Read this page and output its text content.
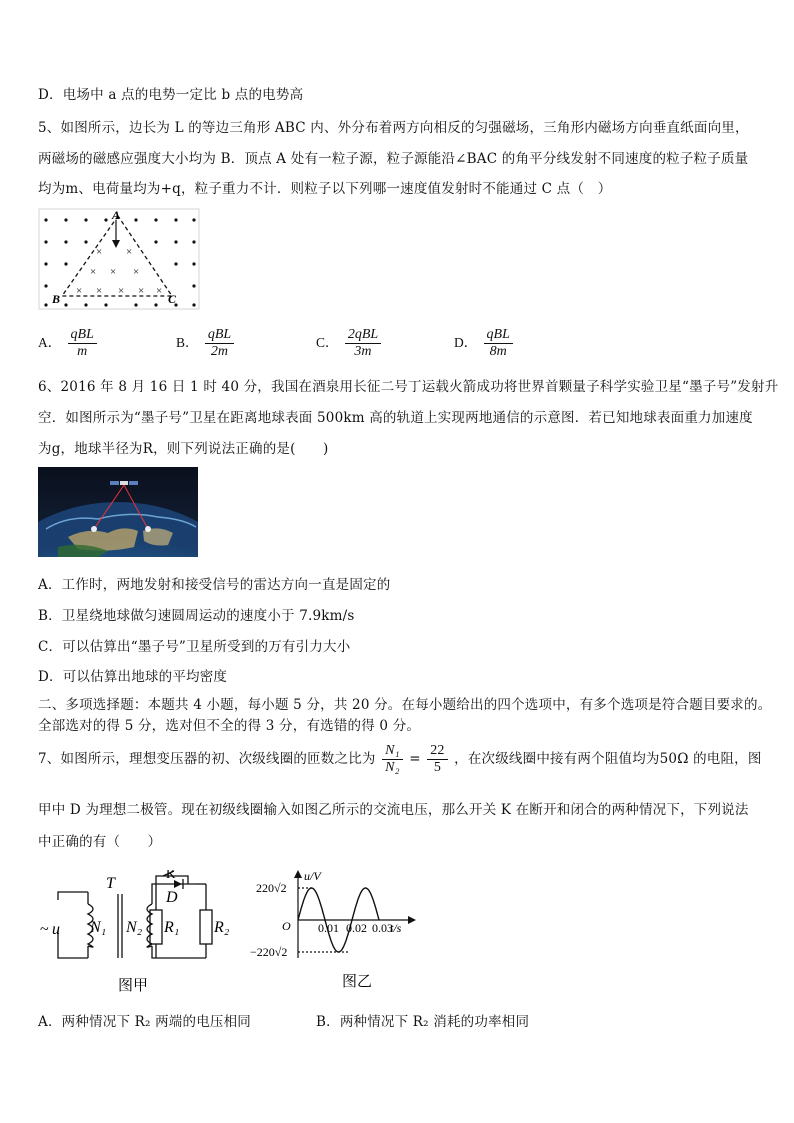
D．电场中 a 点的电势一定比 b 点的电势高
5、如图所示，边长为 L 的等边三角形 ABC 内、外分布着两方向相反的匀强磁场，三角形内磁场方向垂直纸面向里，
两磁场的磁感应强度大小均为 B．顶点 A 处有一粒子源，粒子源能沿∠BAC 的角平分线发射不同速度的粒子粒子质量
均为m、电荷量均为+q，粒子重力不计．则粒子以下列哪一速度值发射时不能通过 C 点（　）
× ×
× × ×
× × × × ×
A
B	C
A． $\frac{\text{qBL}}{m}$	B． $\frac{\text{qBL}}{2m}$	C． $\frac{\text{2qBL}}{3m}$	D． $\frac{\text{qBL}}{8m}$
6、2016 年 8 月 16 日 1 时 40 分，我国在酒泉用长征二号丁运载火箭成功将世界首颗量子科学实验卫星“墨子号”发射升
空．如图所示为“墨子号”卫星在距离地球表面 500km 高的轨道上实现两地通信的示意图．若已知地球表面重力加速度
为g，地球半径为R，则下列说法正确的是(　　)
A．工作时，两地发射和接受信号的雷达方向一直是固定的
B．卫星绕地球做匀速圆周运动的速度小于 7.9km/s
C．可以估算出“墨子号”卫星所受到的万有引力大小
D．可以估算出地球的平均密度
二、多项选择题：本题共 4 小题，每小题 5 分，共 20 分。在每小题给出的四个选项中，有多个选项是符合题目要求的。
全部选对的得 5 分，选对但不全的得 3 分，有选错的得 0 分。
7、如图所示，理想变压器的初、次级线圈的匝数之比为 $\frac{\text{N₁}}{\text{N₂}} = \frac{22}{5}$ ，在次级线圈中接有两个阻值均为50Ω 的电阻，图
甲中 D 为理想二极管。现在初级线圈输入如图乙所示的交流电压，那么开关 K 在断开和闭合的两种情况下，下列说法
中正确的有（　　）
~ u
T
K
D
N₁ N₂ R₁ R₂
图甲
u/V
t/s
O
220√2
−220√2
0.01 0.02 0.03
图乙
A．两种情况下 R₂ 两端的电压相同	B．两种情况下 R₂ 消耗的功率相同
